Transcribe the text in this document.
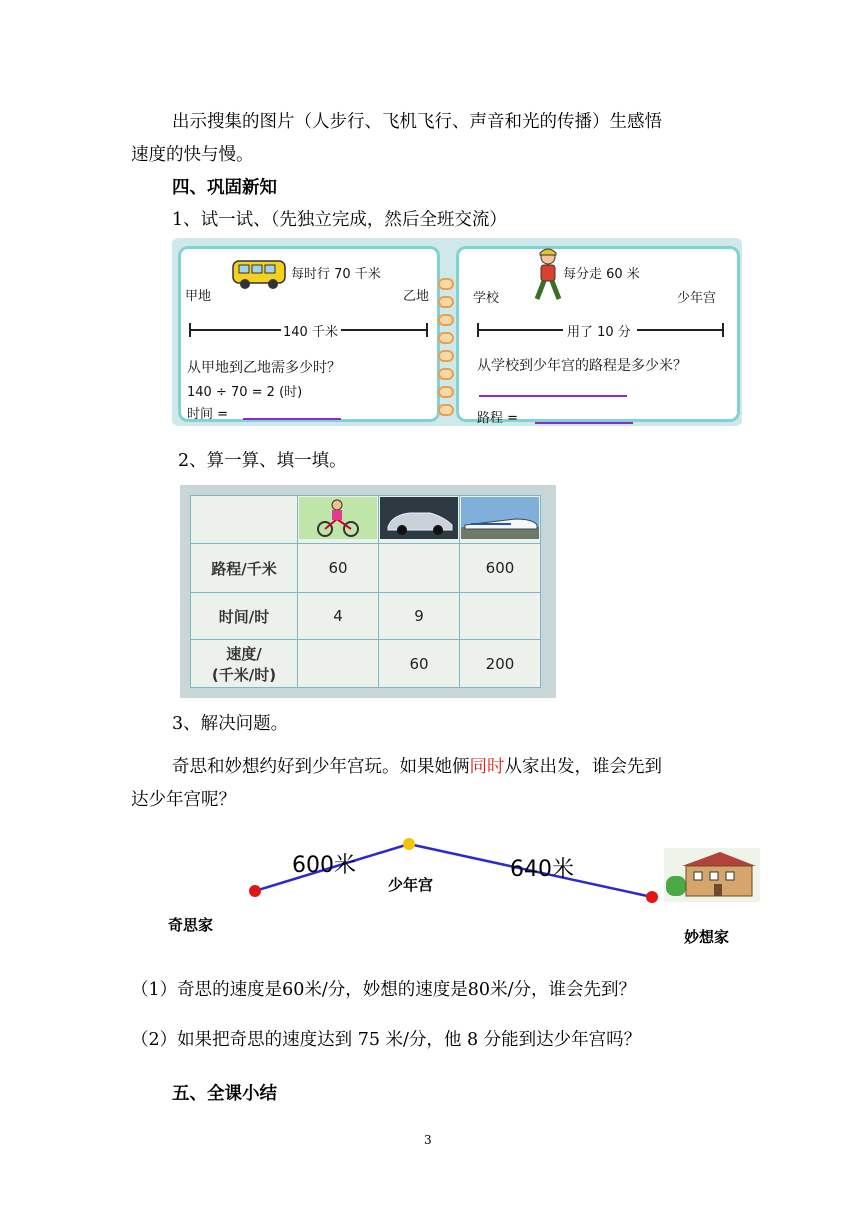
出示搜集的图片（人步行、飞机飞行、声音和光的传播）生感悟
速度的快与慢。
四、巩固新知
1、试一试、（先独立完成，然后全班交流）
每时行 70 千米
甲地	乙地
140 千米
从甲地到乙地需多少时？
140 ÷ 70 = 2 (时)
时间 =
每分走 60 米
学校	少年宫
用了 10 分
从学校到少年宫的路程是多少米？
路程 =
2、算一算、填一填。

路程/千米	60		600
时间/时	4	9	

速度/
(千米/时)		60	200
3、解决问题。
奇思和妙想约好到少年宫玩。如果她俩同时从家出发，谁会先到
达少年宫呢？
600米	640米
少年宫
奇思家
妙想家
（1）奇思的速度是60米/分，妙想的速度是80米/分，谁会先到？
（2）如果把奇思的速度达到 75 米/分，他 8 分能到达少年宫吗？
五、全课小结
3
